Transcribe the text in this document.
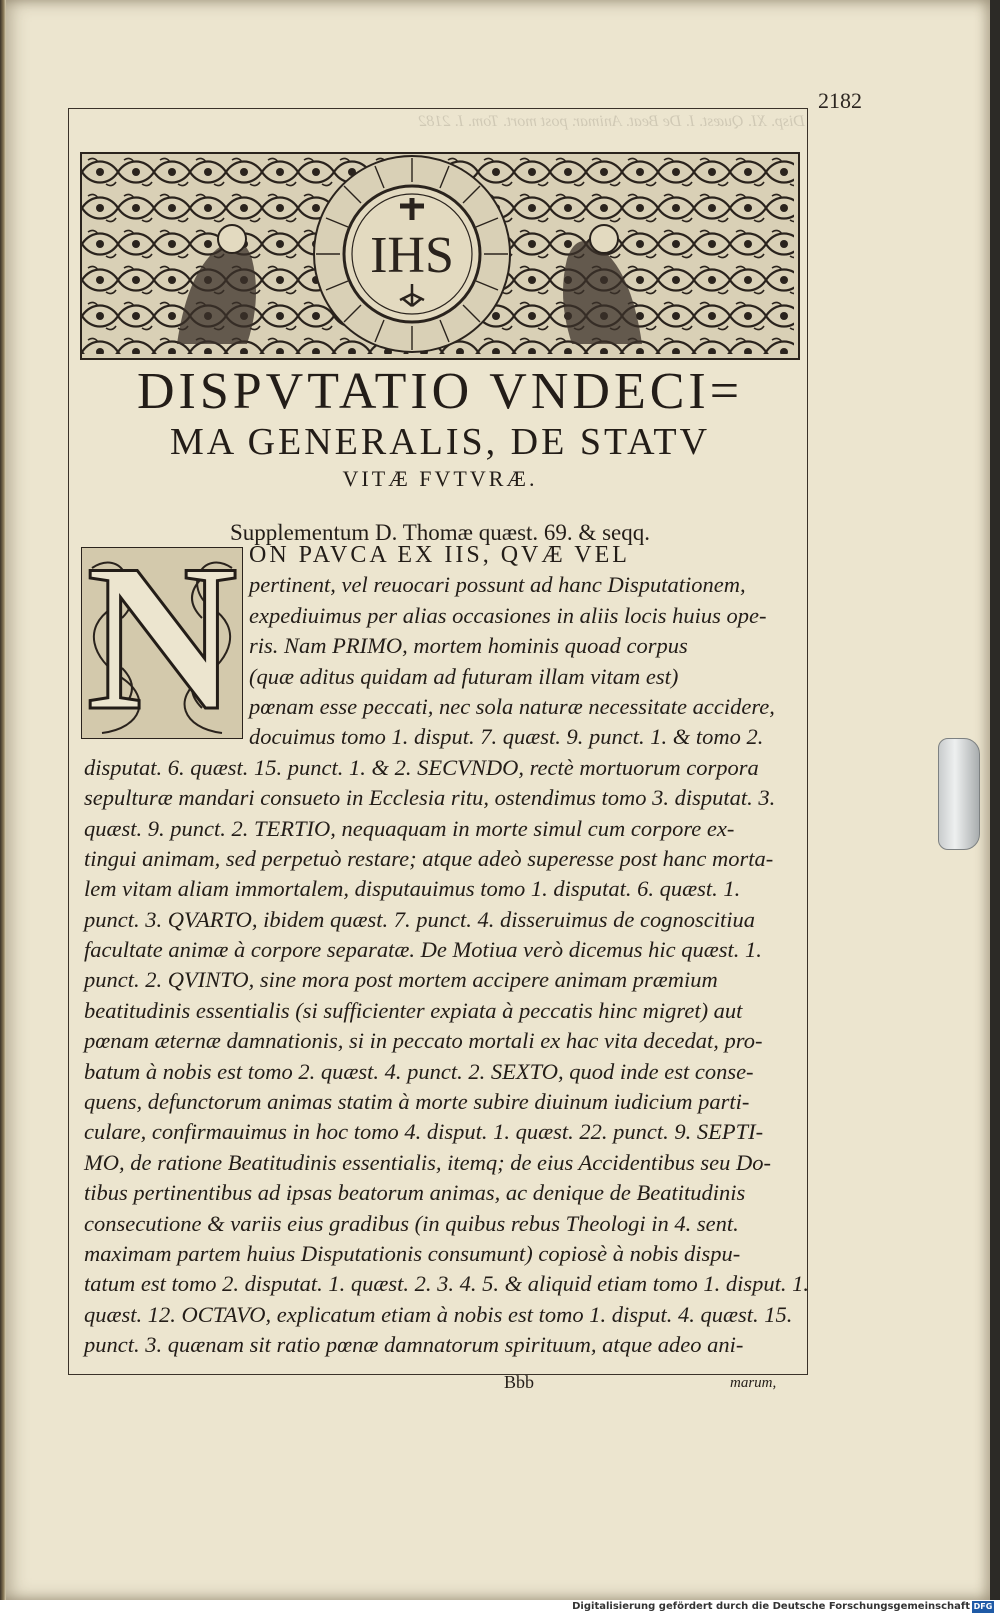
Disp. XI. Quæst. I. De Beat. Animar. post mort. Tom. I. 2182
2182
IHS
DISPVTATIO VNDECI=
MA GENERALIS, DE STATV
VITÆ FVTVRÆ.
Supplementum D. Thomæ quæst. 69. & seqq.
ON PAVCA EX IIS, QVÆ VEL
pertinent, vel reuocari possunt ad hanc Disputationem,
expediuimus per alias occasiones in aliis locis huius ope-
ris. Nam PRIMO, mortem hominis quoad corpus
(quæ aditus quidam ad futuram illam vitam est)
pœnam esse peccati, nec sola naturæ necessitate accidere,
docuimus tomo 1. disput. 7. quæst. 9. punct. 1. & tomo 2.
disputat. 6. quæst. 15. punct. 1. & 2. SECVNDO, rectè mortuorum corpora
sepulturæ mandari consueto in Ecclesia ritu, ostendimus tomo 3. disputat. 3.
quæst. 9. punct. 2. TERTIO, nequaquam in morte simul cum corpore ex-
tingui animam, sed perpetuò restare; atque adeò superesse post hanc morta-
lem vitam aliam immortalem, disputauimus tomo 1. disputat. 6. quæst. 1.
punct. 3. QVARTO, ibidem quæst. 7. punct. 4. disseruimus de cognoscitiua
facultate animæ à corpore separatæ. De Motiua verò dicemus hic quæst. 1.
punct. 2. QVINTO, sine mora post mortem accipere animam præmium
beatitudinis essentialis (si sufficienter expiata à peccatis hinc migret) aut
pœnam æternæ damnationis, si in peccato mortali ex hac vita decedat, pro-
batum à nobis est tomo 2. quæst. 4. punct. 2. SEXTO, quod inde est conse-
quens, defunctorum animas statim à morte subire diuinum iudicium parti-
culare, confirmauimus in hoc tomo 4. disput. 1. quæst. 22. punct. 9. SEPTI-
MO, de ratione Beatitudinis essentialis, itemq; de eius Accidentibus seu Do-
tibus pertinentibus ad ipsas beatorum animas, ac denique de Beatitudinis
consecutione & variis eius gradibus (in quibus rebus Theologi in 4. sent.
maximam partem huius Disputationis consumunt) copiosè à nobis dispu-
tatum est tomo 2. disputat. 1. quæst. 2. 3. 4. 5. & aliquid etiam tomo 1. disput. 1.
quæst. 12. OCTAVO, explicatum etiam à nobis est tomo 1. disput. 4. quæst. 15.
punct. 3. quænam sit ratio pœnæ damnatorum spirituum, atque adeo ani-
N
Bbb	marum,
Digitalisierung gefördert durch die Deutsche Forschungsgemeinschaft DFG
